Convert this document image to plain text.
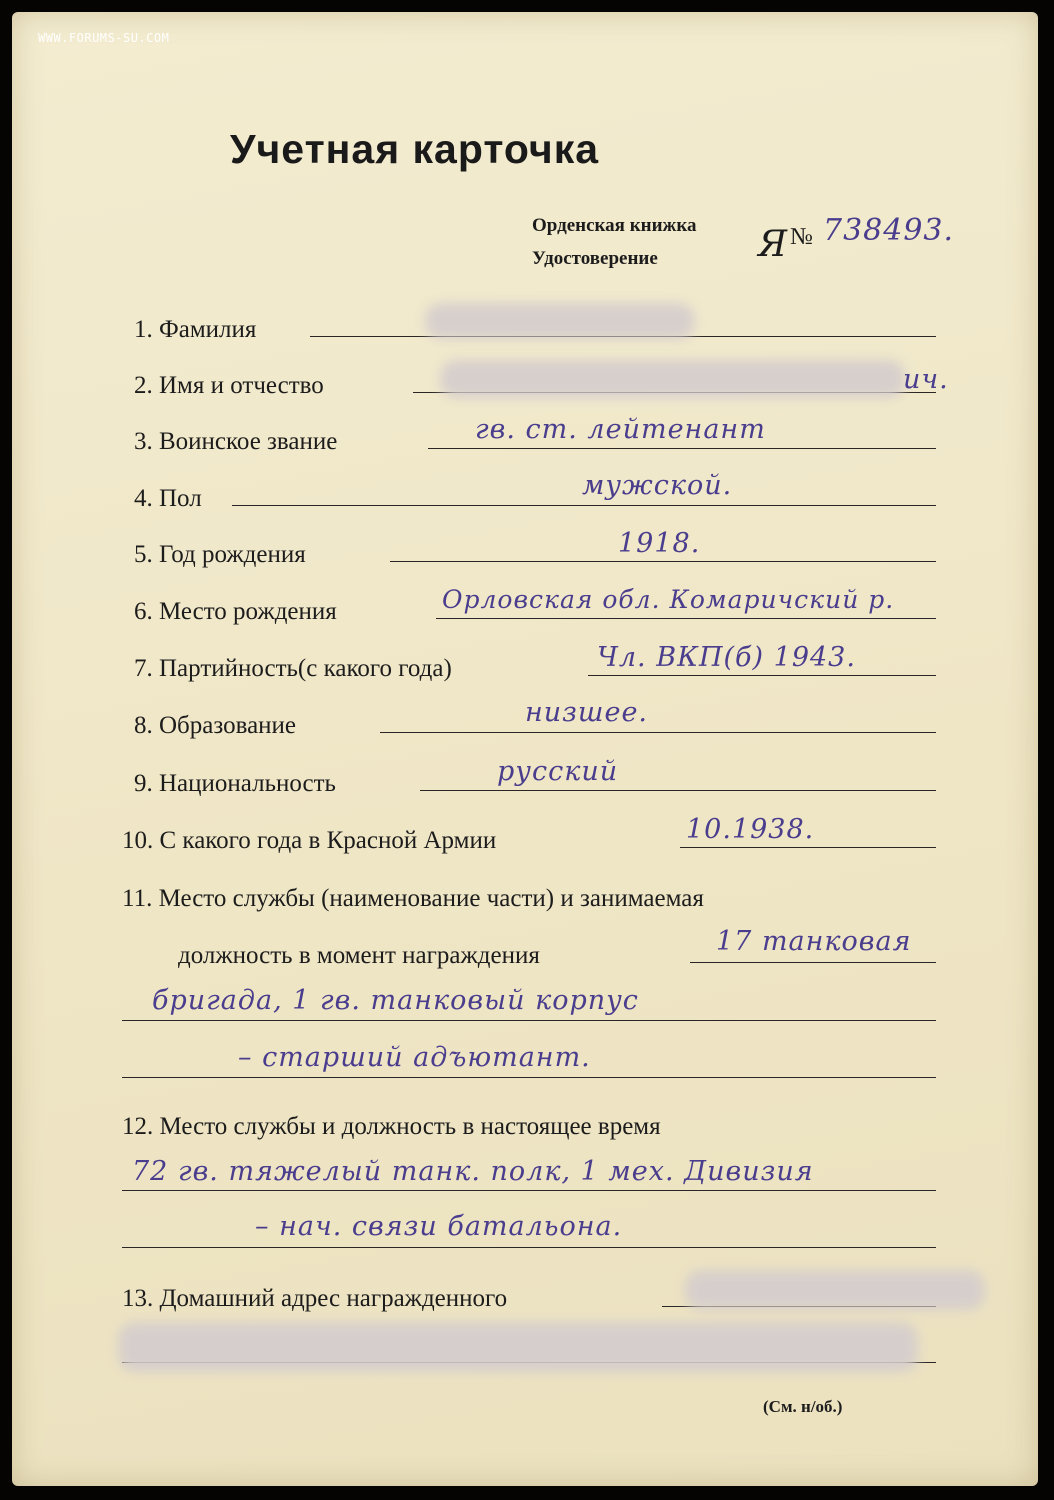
WWW.FORUMS-SU.COM
Учетная карточка
Орденская книжка
Удостоверение	Я № 738493.
1. Фамилия
2. Имя и отчество	ич.
3. Воинское звание	гв. ст. лейтенант
4. Пол	мужской.
5. Год рождения	1918.
6. Место рождения	Орловская обл. Комаричский р.
7. Партийность(с какого года)	Чл. ВКП(б) 1943.
8. Образование	низшее.
9. Национальность	русский
10. С какого года в Красной Армии	10.1938.
11. Место службы (наименование части) и занимаемая
должность в момент награждения	17 танковая
бригада, 1 гв. танковый корпус
– старший адъютант.
12. Место службы и должность в настоящее время
72 гв. тяжелый танк. полк, 1 мех. Дивизия
– нач. связи батальона.
13. Домашний адрес награжденного
(См. н/об.)
